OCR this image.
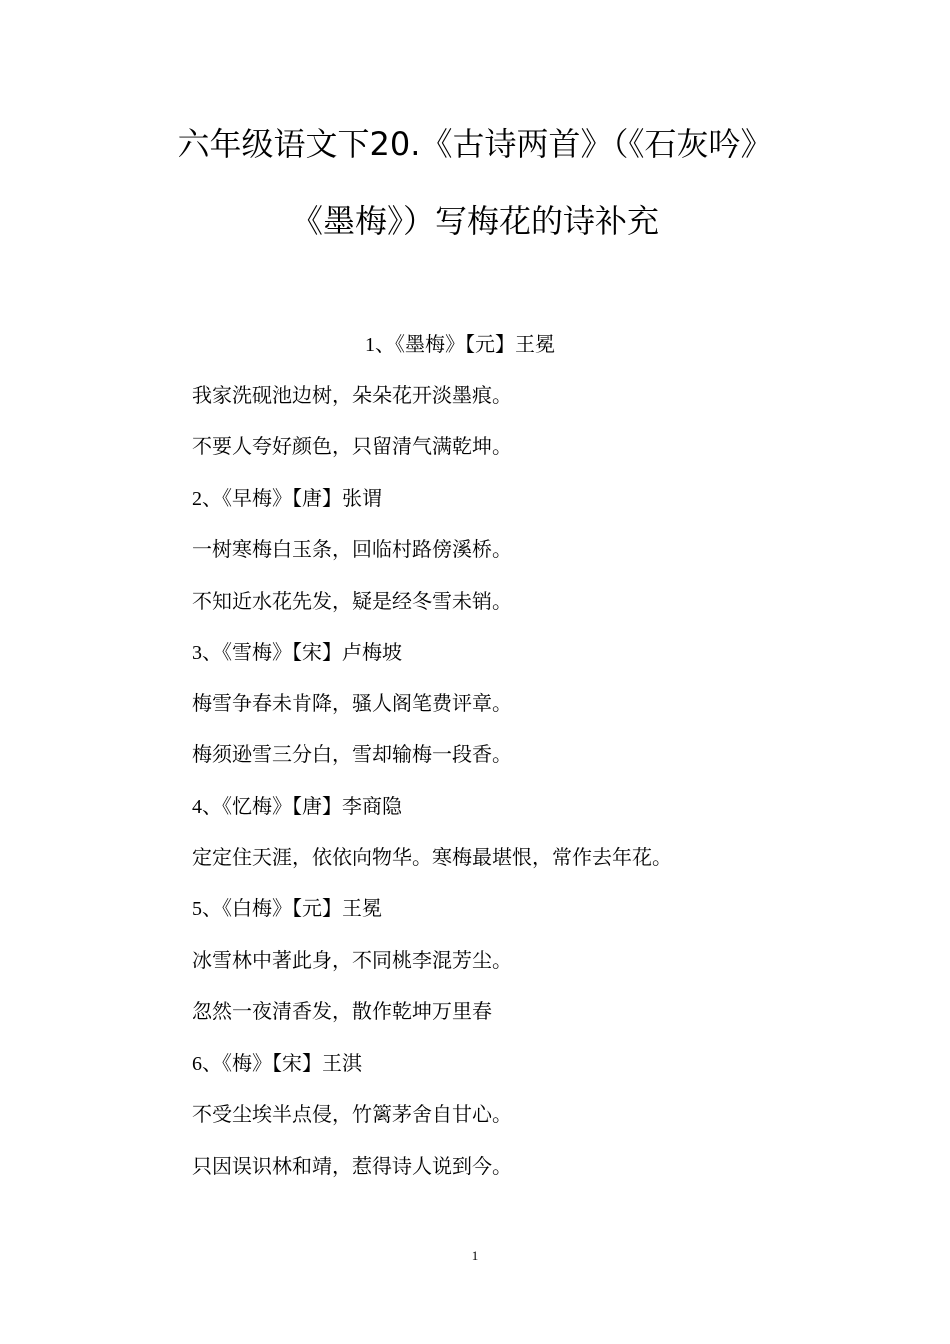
六年级语文下20.《古诗两首》（《石灰吟》
《墨梅》）写梅花的诗补充
1、《墨梅》【元】王冕
我家洗砚池边树，朵朵花开淡墨痕。
不要人夸好颜色，只留清气满乾坤。
2、《早梅》【唐】张谓
一树寒梅白玉条，回临村路傍溪桥。
不知近水花先发，疑是经冬雪未销。
3、《雪梅》【宋】卢梅坡
梅雪争春未肯降，骚人阁笔费评章。
梅须逊雪三分白，雪却输梅一段香。
4、《忆梅》【唐】李商隐
定定住天涯，依依向物华。寒梅最堪恨，常作去年花。
5、《白梅》【元】王冕
冰雪林中著此身，不同桃李混芳尘。
忽然一夜清香发，散作乾坤万里春
6、《梅》【宋】王淇
不受尘埃半点侵，竹篱茅舍自甘心。
只因误识林和靖，惹得诗人说到今。
1
